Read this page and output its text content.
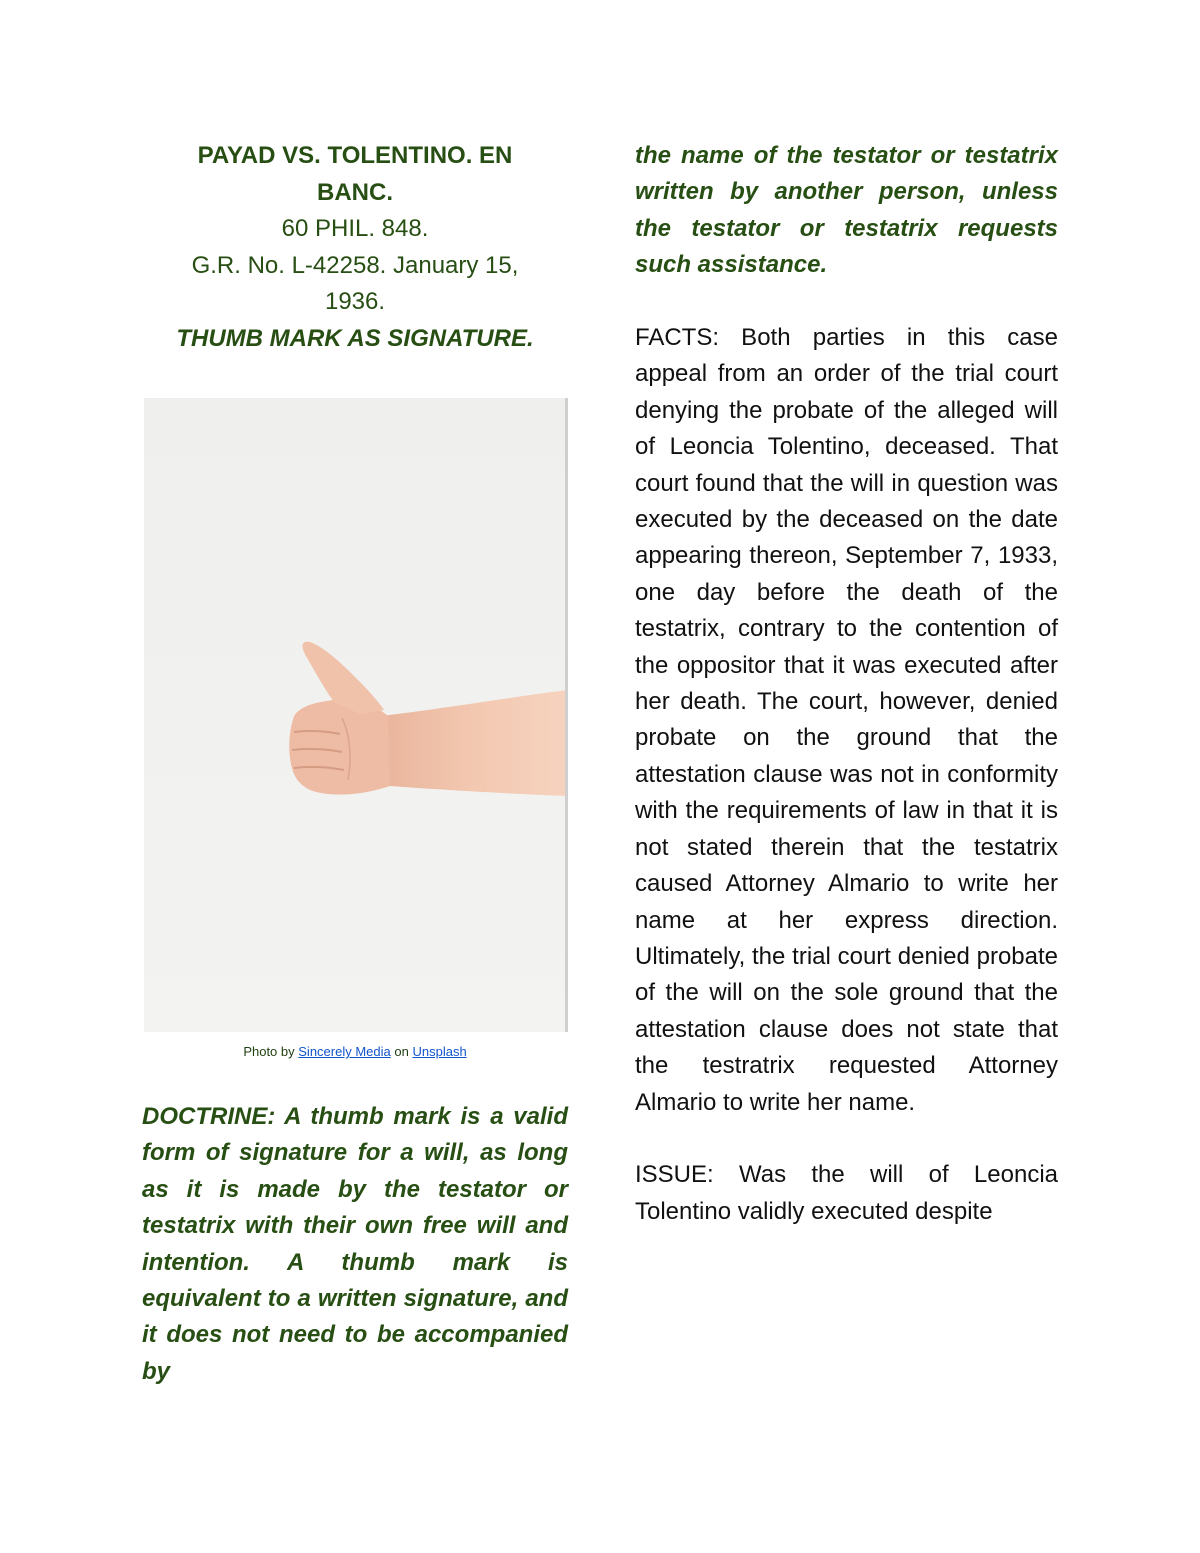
PAYAD VS. TOLENTINO. EN
BANC.
60 PHIL. 848.
G.R. No. L-42258. January 15,
1936.
THUMB MARK AS SIGNATURE.
Photo by Sincerely Media on Unsplash
DOCTRINE: A thumb mark is a valid form of signature for a will, as long as it is made by the testator or testatrix with their own free will and intention. A thumb mark is equivalent to a written signature, and it does not need to be accompanied by
the name of the testator or testatrix written by another person, unless the testator or testatrix requests such assistance.
FACTS: Both parties in this case appeal from an order of the trial court denying the probate of the alleged will of Leoncia Tolentino, deceased. That court found that the will in question was executed by the deceased on the date appearing thereon, September 7, 1933, one day before the death of the testatrix, contrary to the contention of the oppositor that it was executed after her death. The court, however, denied probate on the ground that the attestation clause was not in conformity with the requirements of law in that it is not stated therein that the testatrix caused Attorney Almario to write her name at her express direction. Ultimately, the trial court denied probate of the will on the sole ground that the attestation clause does not state that the testratrix requested Attorney Almario to write her name.
ISSUE: Was the will of Leoncia Tolentino validly executed despite
